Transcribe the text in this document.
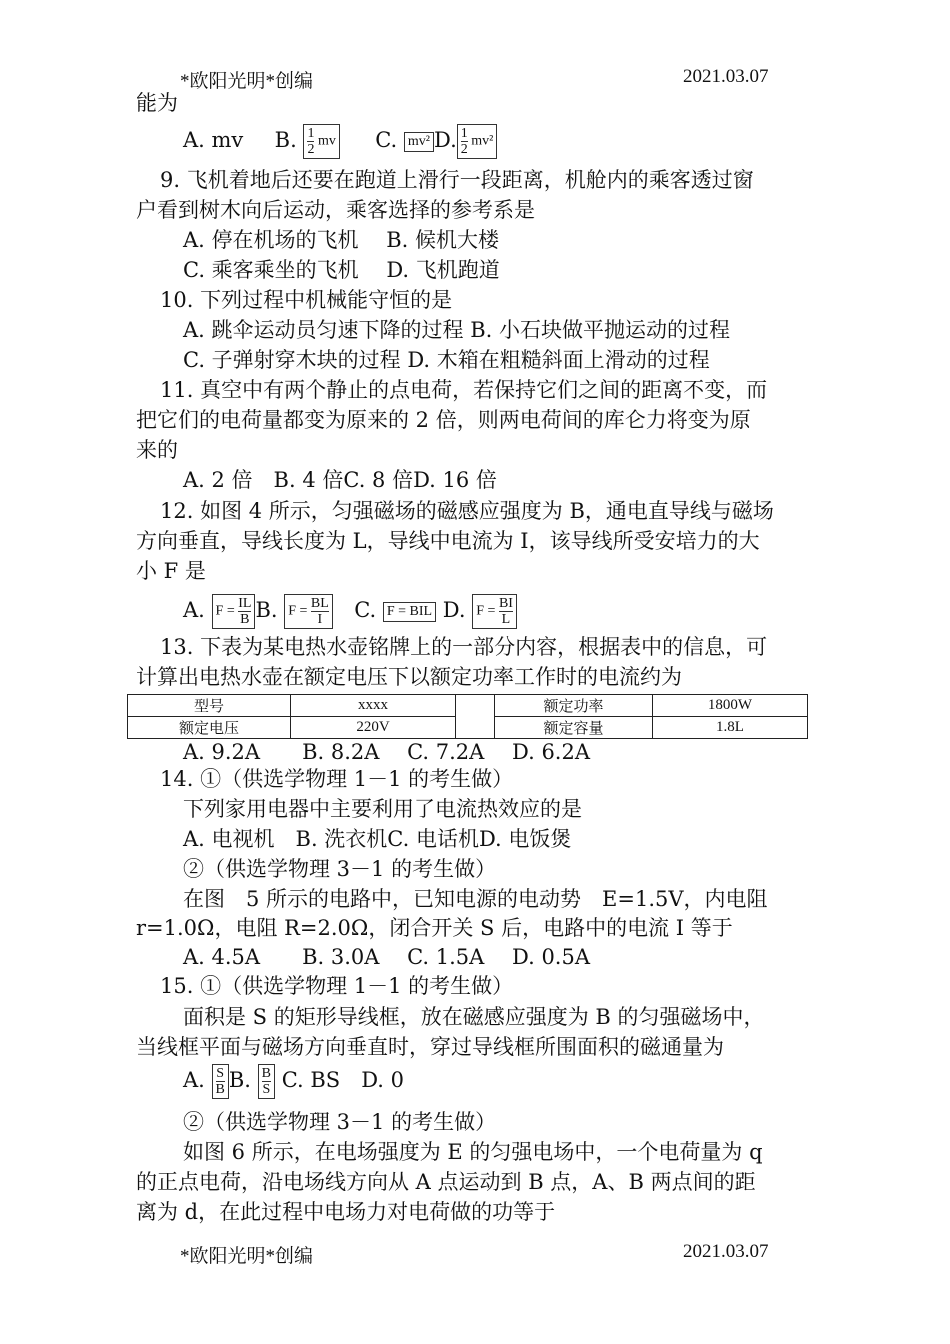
*欧阳光明*创编	2021.03.07
能为
A. mv B. $\frac{1}{2}$ mv C. mv² D. $\frac{1}{2} mv^2$
9. 飞机着地后还要在跑道上滑行一段距离，机舱内的乘客透过窗
户看到树木向后运动，乘客选择的参考系是
A. 停在机场的飞机　 B. 候机大楼
C. 乘客乘坐的飞机　 D. 飞机跑道
10. 下列过程中机械能守恒的是
A. 跳伞运动员匀速下降的过程 B. 小石块做平抛运动的过程
C. 子弹射穿木块的过程 D. 木箱在粗糙斜面上滑动的过程
11. 真空中有两个静止的点电荷，若保持它们之间的距离不变，而
把它们的电荷量都变为原来的 2 倍，则两电荷间的库仑力将变为原
来的
A. 2 倍　B. 4 倍C. 8 倍D. 16 倍
12. 如图 4 所示，匀强磁场的磁感应强度为 B，通电直导线与磁场
方向垂直，导线长度为 L，导线中电流为 I，该导线所受安培力的大
小 F 是
A. $F = \frac{IL}{B} B$. $F = \frac{BL}{I} C$. F = BIL D. $F = \frac{BI}{L}$
13. 下表为某电热水壶铭牌上的一部分内容，根据表中的信息，可
计算出电热水壶在额定电压下以额定功率工作时的电流约为
型号	xxxx		额定功率	1800W
额定电压	220V		额定容量	1.8L
A. 9.2A　　B. 8.2A　 C. 7.2A　 D. 6.2A
14. ①（供选学物理 1－1 的考生做）
下列家用电器中主要利用了电流热效应的是
A. 电视机　B. 洗衣机C. 电话机D. 电饭煲
②（供选学物理 3－1 的考生做）
在图　5 所示的电路中，已知电源的电动势　E=1.5V，内电阻
r=1.0Ω，电阻 R=2.0Ω，闭合开关 S 后，电路中的电流 I 等于
A. 4.5A　　B. 3.0A　 C. 1.5A　 D. 0.5A
15. ①（供选学物理 1－1 的考生做）
面积是 S 的矩形导线框，放在磁感应强度为 B 的匀强磁场中，
当线框平面与磁场方向垂直时，穿过导线框所围面积的磁通量为
A. $\frac{S}{B} B$. $\frac{B}{S} C$. BS　D. 0
②（供选学物理 3－1 的考生做）
如图 6 所示，在电场强度为 E 的匀强电场中，一个电荷量为 q
的正点电荷，沿电场线方向从 A 点运动到 B 点，A、B 两点间的距
离为 d，在此过程中电场力对电荷做的功等于
*欧阳光明*创编	2021.03.07
